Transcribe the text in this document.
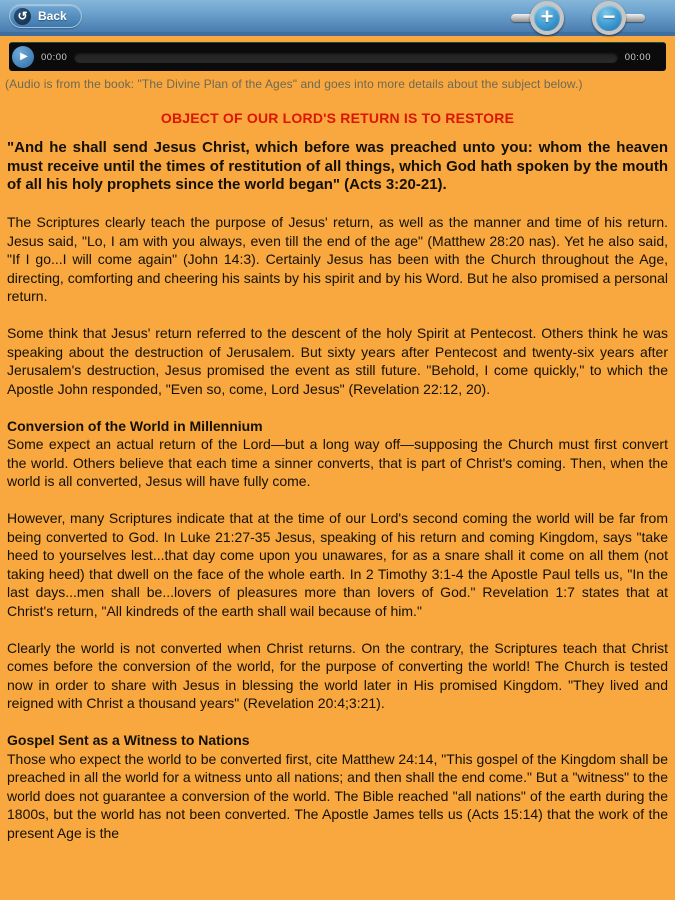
↺ Back	+	−
▶ 00:00	00:00
(Audio is from the book: "The Divine Plan of the Ages" and goes into more details about the subject below.)
OBJECT OF OUR LORD'S RETURN IS TO RESTORE

"And he shall send Jesus Christ, which before was preached unto you: whom the heaven must receive until the times of restitution of all things, which God hath spoken by the mouth of all his holy prophets since the world began" (Acts 3:20-21).

The Scriptures clearly teach the purpose of Jesus' return, as well as the manner and time of his return. Jesus said, "Lo, I am with you always, even till the end of the age" (Matthew 28:20 nas). Yet he also said, "If I go...I will come again" (John 14:3). Certainly Jesus has been with the Church throughout the Age, directing, comforting and cheering his saints by his spirit and by his Word. But he also promised a personal return.

Some think that Jesus' return referred to the descent of the holy Spirit at Pentecost. Others think he was speaking about the destruction of Jerusalem. But sixty years after Pentecost and twenty-six years after Jerusalem's destruction, Jesus promised the event as still future. "Behold, I come quickly," to which the Apostle John responded, "Even so, come, Lord Jesus" (Revelation 22:12, 20).

Conversion of the World in Millennium

Some expect an actual return of the Lord—but a long way off—supposing the Church must first convert the world. Others believe that each time a sinner converts, that is part of Christ's coming. Then, when the world is all converted, Jesus will have fully come.

However, many Scriptures indicate that at the time of our Lord's second coming the world will be far from being converted to God. In Luke 21:27-35 Jesus, speaking of his return and coming Kingdom, says "take heed to yourselves lest...that day come upon you unawares, for as a snare shall it come on all them (not taking heed) that dwell on the face of the whole earth. In 2 Timothy 3:1-4 the Apostle Paul tells us, "In the last days...men shall be...lovers of pleasures more than lovers of God." Revelation 1:7 states that at Christ's return, "All kindreds of the earth shall wail because of him."

Clearly the world is not converted when Christ returns. On the contrary, the Scriptures teach that Christ comes before the conversion of the world, for the purpose of converting the world! The Church is tested now in order to share with Jesus in blessing the world later in His promised Kingdom. "They lived and reigned with Christ a thousand years" (Revelation 20:4;3:21).

Gospel Sent as a Witness to Nations

Those who expect the world to be converted first, cite Matthew 24:14, "This gospel of the Kingdom shall be preached in all the world for a witness unto all nations; and then shall the end come." But a "witness" to the world does not guarantee a conversion of the world. The Bible reached "all nations" of the earth during the 1800s, but the world has not been converted. The Apostle James tells us (Acts 15:14) that the work of the present Age is the
